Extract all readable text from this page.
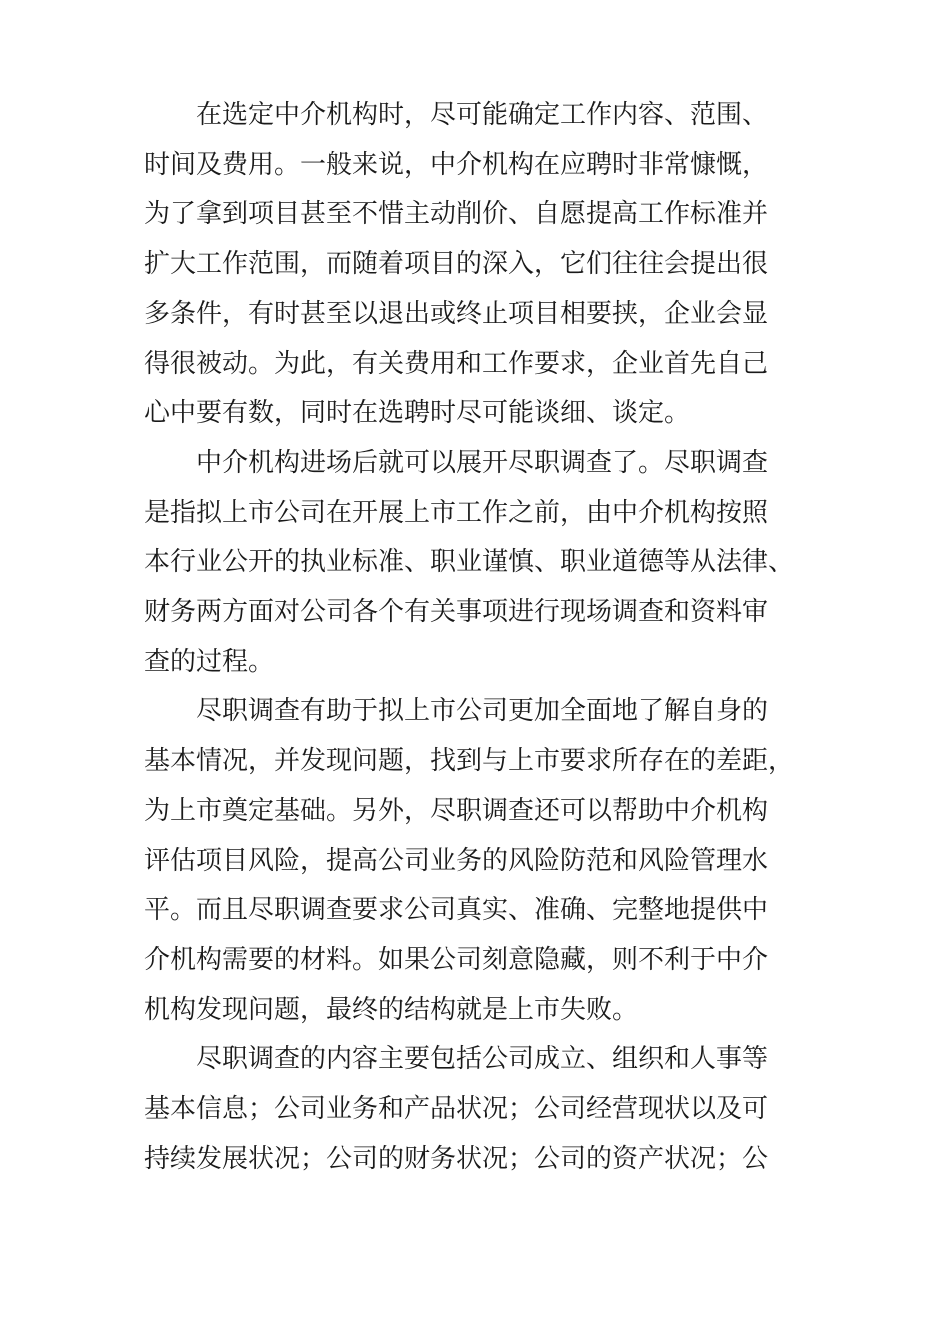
在选定中介机构时，尽可能确定工作内容、范围、
时间及费用。一般来说，中介机构在应聘时非常慷慨，
为了拿到项目甚至不惜主动削价、自愿提高工作标准并
扩大工作范围，而随着项目的深入，它们往往会提出很
多条件，有时甚至以退出或终止项目相要挟，企业会显
得很被动。为此，有关费用和工作要求，企业首先自己
心中要有数，同时在选聘时尽可能谈细、谈定。
中介机构进场后就可以展开尽职调查了。尽职调查
是指拟上市公司在开展上市工作之前，由中介机构按照
本行业公开的执业标准、职业谨慎、职业道德等从法律、
财务两方面对公司各个有关事项进行现场调查和资料审
查的过程。
尽职调查有助于拟上市公司更加全面地了解自身的
基本情况，并发现问题，找到与上市要求所存在的差距，
为上市奠定基础。另外，尽职调查还可以帮助中介机构
评估项目风险，提高公司业务的风险防范和风险管理水
平。而且尽职调查要求公司真实、准确、完整地提供中
介机构需要的材料。如果公司刻意隐藏，则不利于中介
机构发现问题，最终的结构就是上市失败。
尽职调查的内容主要包括公司成立、组织和人事等
基本信息；公司业务和产品状况；公司经营现状以及可
持续发展状况；公司的财务状况；公司的资产状况；公
